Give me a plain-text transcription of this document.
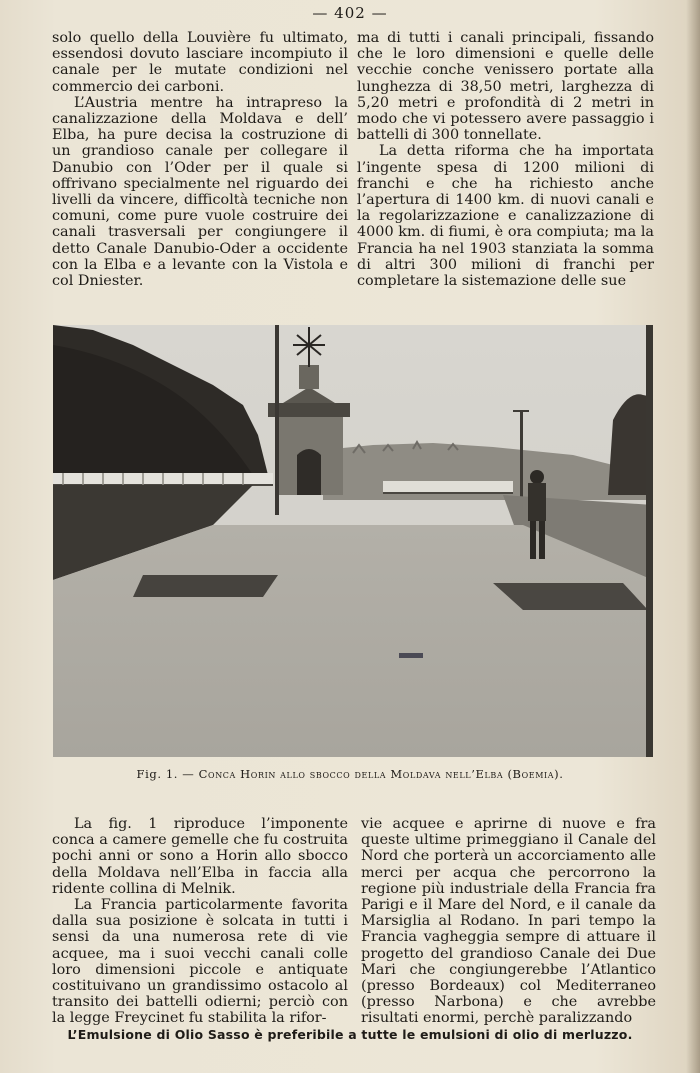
— 402 —

solo quello della Louvière fu ultimato, essendosi dovuto lasciare incompiuto il canale per le mutate condizioni nel commercio dei carboni.

L’Austria mentre ha intrapreso la canalizzazione della Moldava e dell’ Elba, ha pure decisa la costruzione di un grandioso canale per collegare il Danubio con l’Oder per il quale si offrivano specialmente nel riguardo dei livelli da vincere, difficoltà tecniche non comuni, come pure vuole costruire dei canali trasversali per congiungere il detto Canale Danubio-Oder a occidente con la Elba e a levante con la Vistola e col Dniester.

ma di tutti i canali principali, fissando che le loro dimensioni e quelle delle vecchie conche venissero portate alla lunghezza di 38,50 metri, larghezza di 5,20 metri e profondità di 2 metri in modo che vi potessero avere passaggio i battelli di 300 tonnellate.

La detta riforma che ha importata l’ingente spesa di 1200 milioni di franchi e che ha richiesto anche l’apertura di 1400 km. di nuovi canali e la regolarizzazione e canalizzazione di 4000 km. di fiumi, è ora compiuta; ma la Francia ha nel 1903 stanziata la somma di altri 300 milioni di franchi per completare la sistemazione delle sue

Fig. 1. — Conca Horin allo sbocco della Moldava nell’Elba (Boemia).

La fig. 1 riproduce l’imponente conca a camere gemelle che fu costruita pochi anni or sono a Horin allo sbocco della Moldava nell’Elba in faccia alla ridente collina di Melnik.

La Francia particolarmente favorita dalla sua posizione è solcata in tutti i sensi da una numerosa rete di vie acquee, ma i suoi vecchi canali colle loro dimensioni piccole e antiquate costituivano un grandissimo ostacolo al transito dei battelli odierni; perciò con la legge Freycinet fu stabilita la rifor-

vie acquee e aprirne di nuove e fra queste ultime primeggiano il Canale del Nord che porterà un accorciamento alle merci per acqua che percorrono la regione più industriale della Francia fra Parigi e il Mare del Nord, e il canale da Marsiglia al Rodano. In pari tempo la Francia vagheggia sempre di attuare il progetto del grandioso Canale dei Due Mari che congiungerebbe l’Atlantico (presso Bordeaux) col Mediterraneo (presso Narbona) e che avrebbe risultati enormi, perchè paralizzando

L’Emulsione di Olio Sasso è preferibile a tutte le emulsioni di olio di merluzzo.
